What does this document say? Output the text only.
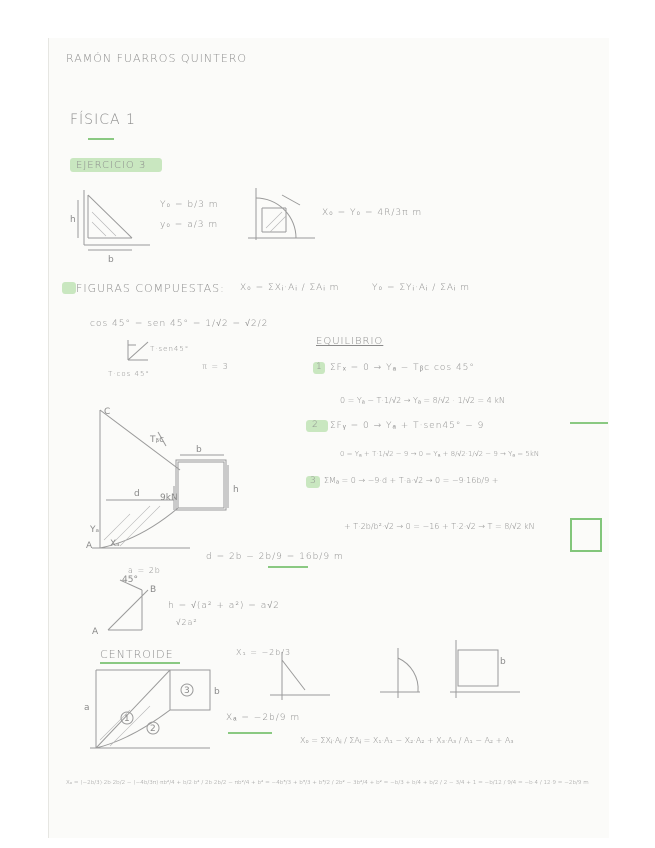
h
b
C
d
Tᵦc
9kN
b
h
A Xₐ
Yₐ
A
B
45°
3
2
1
a
b
b
RAMÓN FUARROS QUINTERO
FÍSICA 1
EJERCICIO 3
Y₀ = b/3 m
y₀ = a/3 m
X₀ = Y₀ = 4R/3π m
FIGURAS COMPUESTAS: X₀ = ΣXᵢ·Aᵢ / ΣAᵢ m	Y₀ = ΣYᵢ·Aᵢ / ΣAᵢ m
cos 45° = sen 45° = 1/√2 = √2/2
T·sen45°
T·cos 45°
π = 3
EQUILIBRIO
1 ΣFₓ = 0 → Yₐ − Tᵦc cos 45°
0 = Yₐ − T·1/√2 → Yₐ = 8/√2 · 1/√2 = 4 kN
2 ΣFᵧ = 0 → Yₐ + T·sen45° − 9
0 = Yₐ + T·1/√2 − 9 → 0 = Yₐ + 8/√2·1/√2 − 9 → Yₐ = 5kN
3 ΣMₐ = 0 → −9·d + T·a·√2 → 0 = −9·16b/9 +
+ T·2b/b²·√2 → 0 = −16 + T·2·√2 → T = 8/√2 kN
d = 2b − 2b/9 = 16b/9 m
a = 2b
h = √(a² + a²) = a√2
√2a²
CENTROIDE	X₁ = −2b/3
Xₐ = −2b/9 m
X₀ = ΣXᵢ·Aᵢ / ΣAᵢ = X₁·A₁ − X₂·A₂ + X₃·A₃ / A₁ − A₂ + A₃
X₀ = (−2b/3)·2b·2b/2 − (−4b/3π)·πb²/4 + b/2·b² / 2b·2b/2 − πb²/4 + b² = −4b³/3 + b³/3 + b³/2 / 2b² − 3b²/4 + b² = −b/3 + b/4 + b/2 / 2 − 3/4 + 1 = −b/12 / 9/4 = −b·4 / 12·9 = −2b/9 m
